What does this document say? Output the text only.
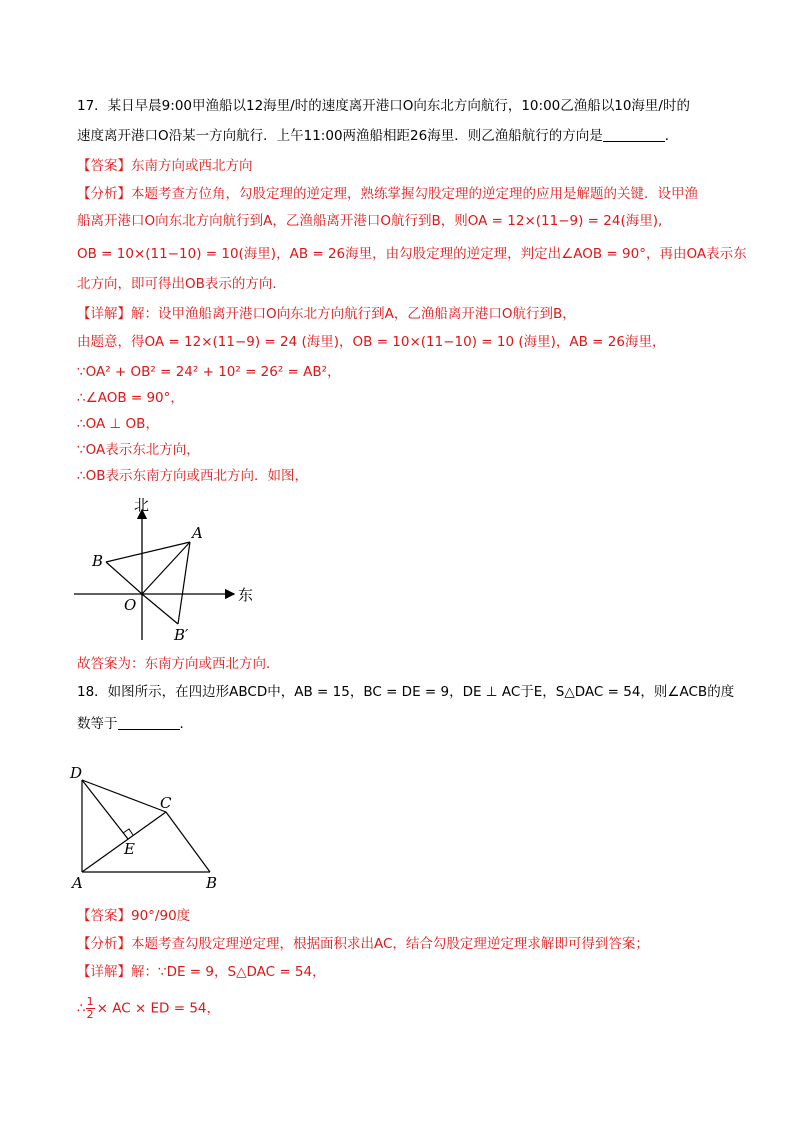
17．某日早晨9:00甲渔船以12海里/时的速度离开港口O向东北方向航行，10:00乙渔船以10海里/时的
速度离开港口O沿某一方向航行．上午11:00两渔船相距26海里．则乙渔船航行的方向是	．
【答案】东南方向或西北方向
【分析】本题考查方位角，勾股定理的逆定理，熟练掌握勾股定理的逆定理的应用是解题的关键．设甲渔
船离开港口O向东北方向航行到A，乙渔船离开港口O航行到B，则OA = 12×(11−9) = 24(海里),
OB = 10×(11−10) = 10(海里)，AB = 26海里，由勾股定理的逆定理，判定出∠AOB = 90°，再由OA表示东
北方向，即可得出OB表示的方向．
【详解】解：设甲渔船离开港口O向东北方向航行到A，乙渔船离开港口O航行到B，
由题意，得OA = 12×(11−9) = 24 (海里)，OB = 10×(11−10) = 10 (海里)，AB = 26海里，
∵OA² + OB² = 24² + 10² = 26² = AB²，
∴∠AOB = 90°，
∴OA ⊥ OB，
∵OA表示东北方向，
∴OB表示东南方向或西北方向．如图，
北
东
A
B
O
B′
故答案为：东南方向或西北方向．
18．如图所示，在四边形ABCD中，AB = 15，BC = DE = 9，DE ⊥ AC于E，S△DAC = 54，则∠ACB的度
数等于	．
D
C
E
A	B
【答案】90°/90度
【分析】本题考查勾股定理逆定理，根据面积求出AC，结合勾股定理逆定理求解即可得到答案；
【详解】解：∵DE = 9，S△DAC = 54，
∴ $\frac{1}{2}$ × AC × ED = 54，
